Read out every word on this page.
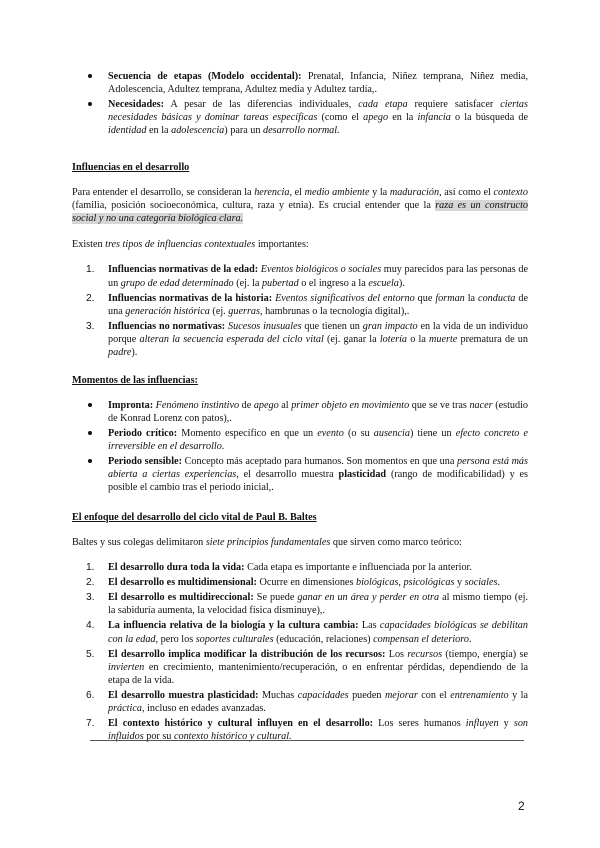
Secuencia de etapas (Modelo occidental): Prenatal, Infancia, Niñez temprana, Niñez media, Adolescencia, Adultez temprana, Adultez media y Adultez tardía,.
Necesidades: A pesar de las diferencias individuales, cada etapa requiere satisfacer ciertas necesidades básicas y dominar tareas específicas (como el apego en la infancia o la búsqueda de identidad en la adolescencia) para un desarrollo normal.

Influencias en el desarrollo

Para entender el desarrollo, se consideran la herencia, el medio ambiente y la maduración, así como el contexto (familia, posición socioeconómica, cultura, raza y etnia). Es crucial entender que la raza es un constructo social y no una categoría biológica clara.

Existen tres tipos de influencias contextuales importantes:

1. Influencias normativas de la edad: Eventos biológicos o sociales muy parecidos para las personas de un grupo de edad determinado (ej. la pubertad o el ingreso a la escuela).
2. Influencias normativas de la historia: Eventos significativos del entorno que forman la conducta de una generación histórica (ej. guerras, hambrunas o la tecnología digital),.
3. Influencias no normativas: Sucesos inusuales que tienen un gran impacto en la vida de un individuo porque alteran la secuencia esperada del ciclo vital (ej. ganar la lotería o la muerte prematura de un padre).

Momentos de las influencias:

Impronta: Fenómeno instintivo de apego al primer objeto en movimiento que se ve tras nacer (estudio de Konrad Lorenz con patos),.
Periodo crítico: Momento específico en que un evento (o su ausencia) tiene un efecto concreto e irreversible en el desarrollo.
Periodo sensible: Concepto más aceptado para humanos. Son momentos en que una persona está más abierta a ciertas experiencias, el desarrollo muestra plasticidad (rango de modificabilidad) y es posible el cambio tras el periodo inicial,.

El enfoque del desarrollo del ciclo vital de Paul B. Baltes

Baltes y sus colegas delimitaron siete principios fundamentales que sirven como marco teórico:

1. El desarrollo dura toda la vida: Cada etapa es importante e influenciada por la anterior.
2. El desarrollo es multidimensional: Ocurre en dimensiones biológicas, psicológicas y sociales.
3. El desarrollo es multidireccional: Se puede ganar en un área y perder en otra al mismo tiempo (ej. la sabiduría aumenta, la velocidad física disminuye),.
4. La influencia relativa de la biología y la cultura cambia: Las capacidades biológicas se debilitan con la edad, pero los soportes culturales (educación, relaciones) compensan el deterioro.
5. El desarrollo implica modificar la distribución de los recursos: Los recursos (tiempo, energía) se invierten en crecimiento, mantenimiento/recuperación, o en enfrentar pérdidas, dependiendo de la etapa de la vida.
6. El desarrollo muestra plasticidad: Muchas capacidades pueden mejorar con el entrenamiento y la práctica, incluso en edades avanzadas.
7. El contexto histórico y cultural influyen en el desarrollo: Los seres humanos influyen y son influidos por su contexto histórico y cultural.
2
